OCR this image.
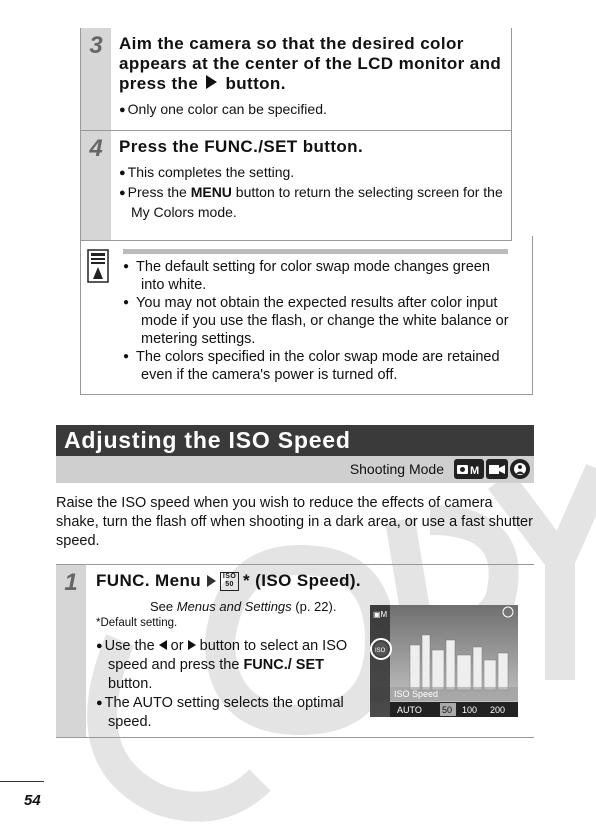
3 Aim the camera so that the desired color appears at the center of the LCD monitor and press the button.

● Only one color can be specified.

4 Press the FUNC./SET button.

● This completes the setting.

● Press the MENU button to return the selecting screen for the My Colors mode.

● The default setting for color swap mode changes green into white.
● You may not obtain the expected results after color input mode if you use the flash, or change the white balance or metering settings.
● The colors specified in the color swap mode are retained even if the camera's power is turned off.
Adjusting the ISO Speed
Shooting Mode M

Raise the ISO speed when you wish to reduce the effects of camera shake, turn the flash off when shooting in a dark area, or use a fast shutter speed.

1	FUNC. Menu	ISO
50 * (ISO Speed).
See Menus and Settings (p. 22).
*Default setting.

● Use the  or  button to select an ISO speed and press the FUNC./ SET button.

● The AUTO setting selects the optimal speed.

ISO
▣M
ISO Speed
AUTO 50 100 200
54
